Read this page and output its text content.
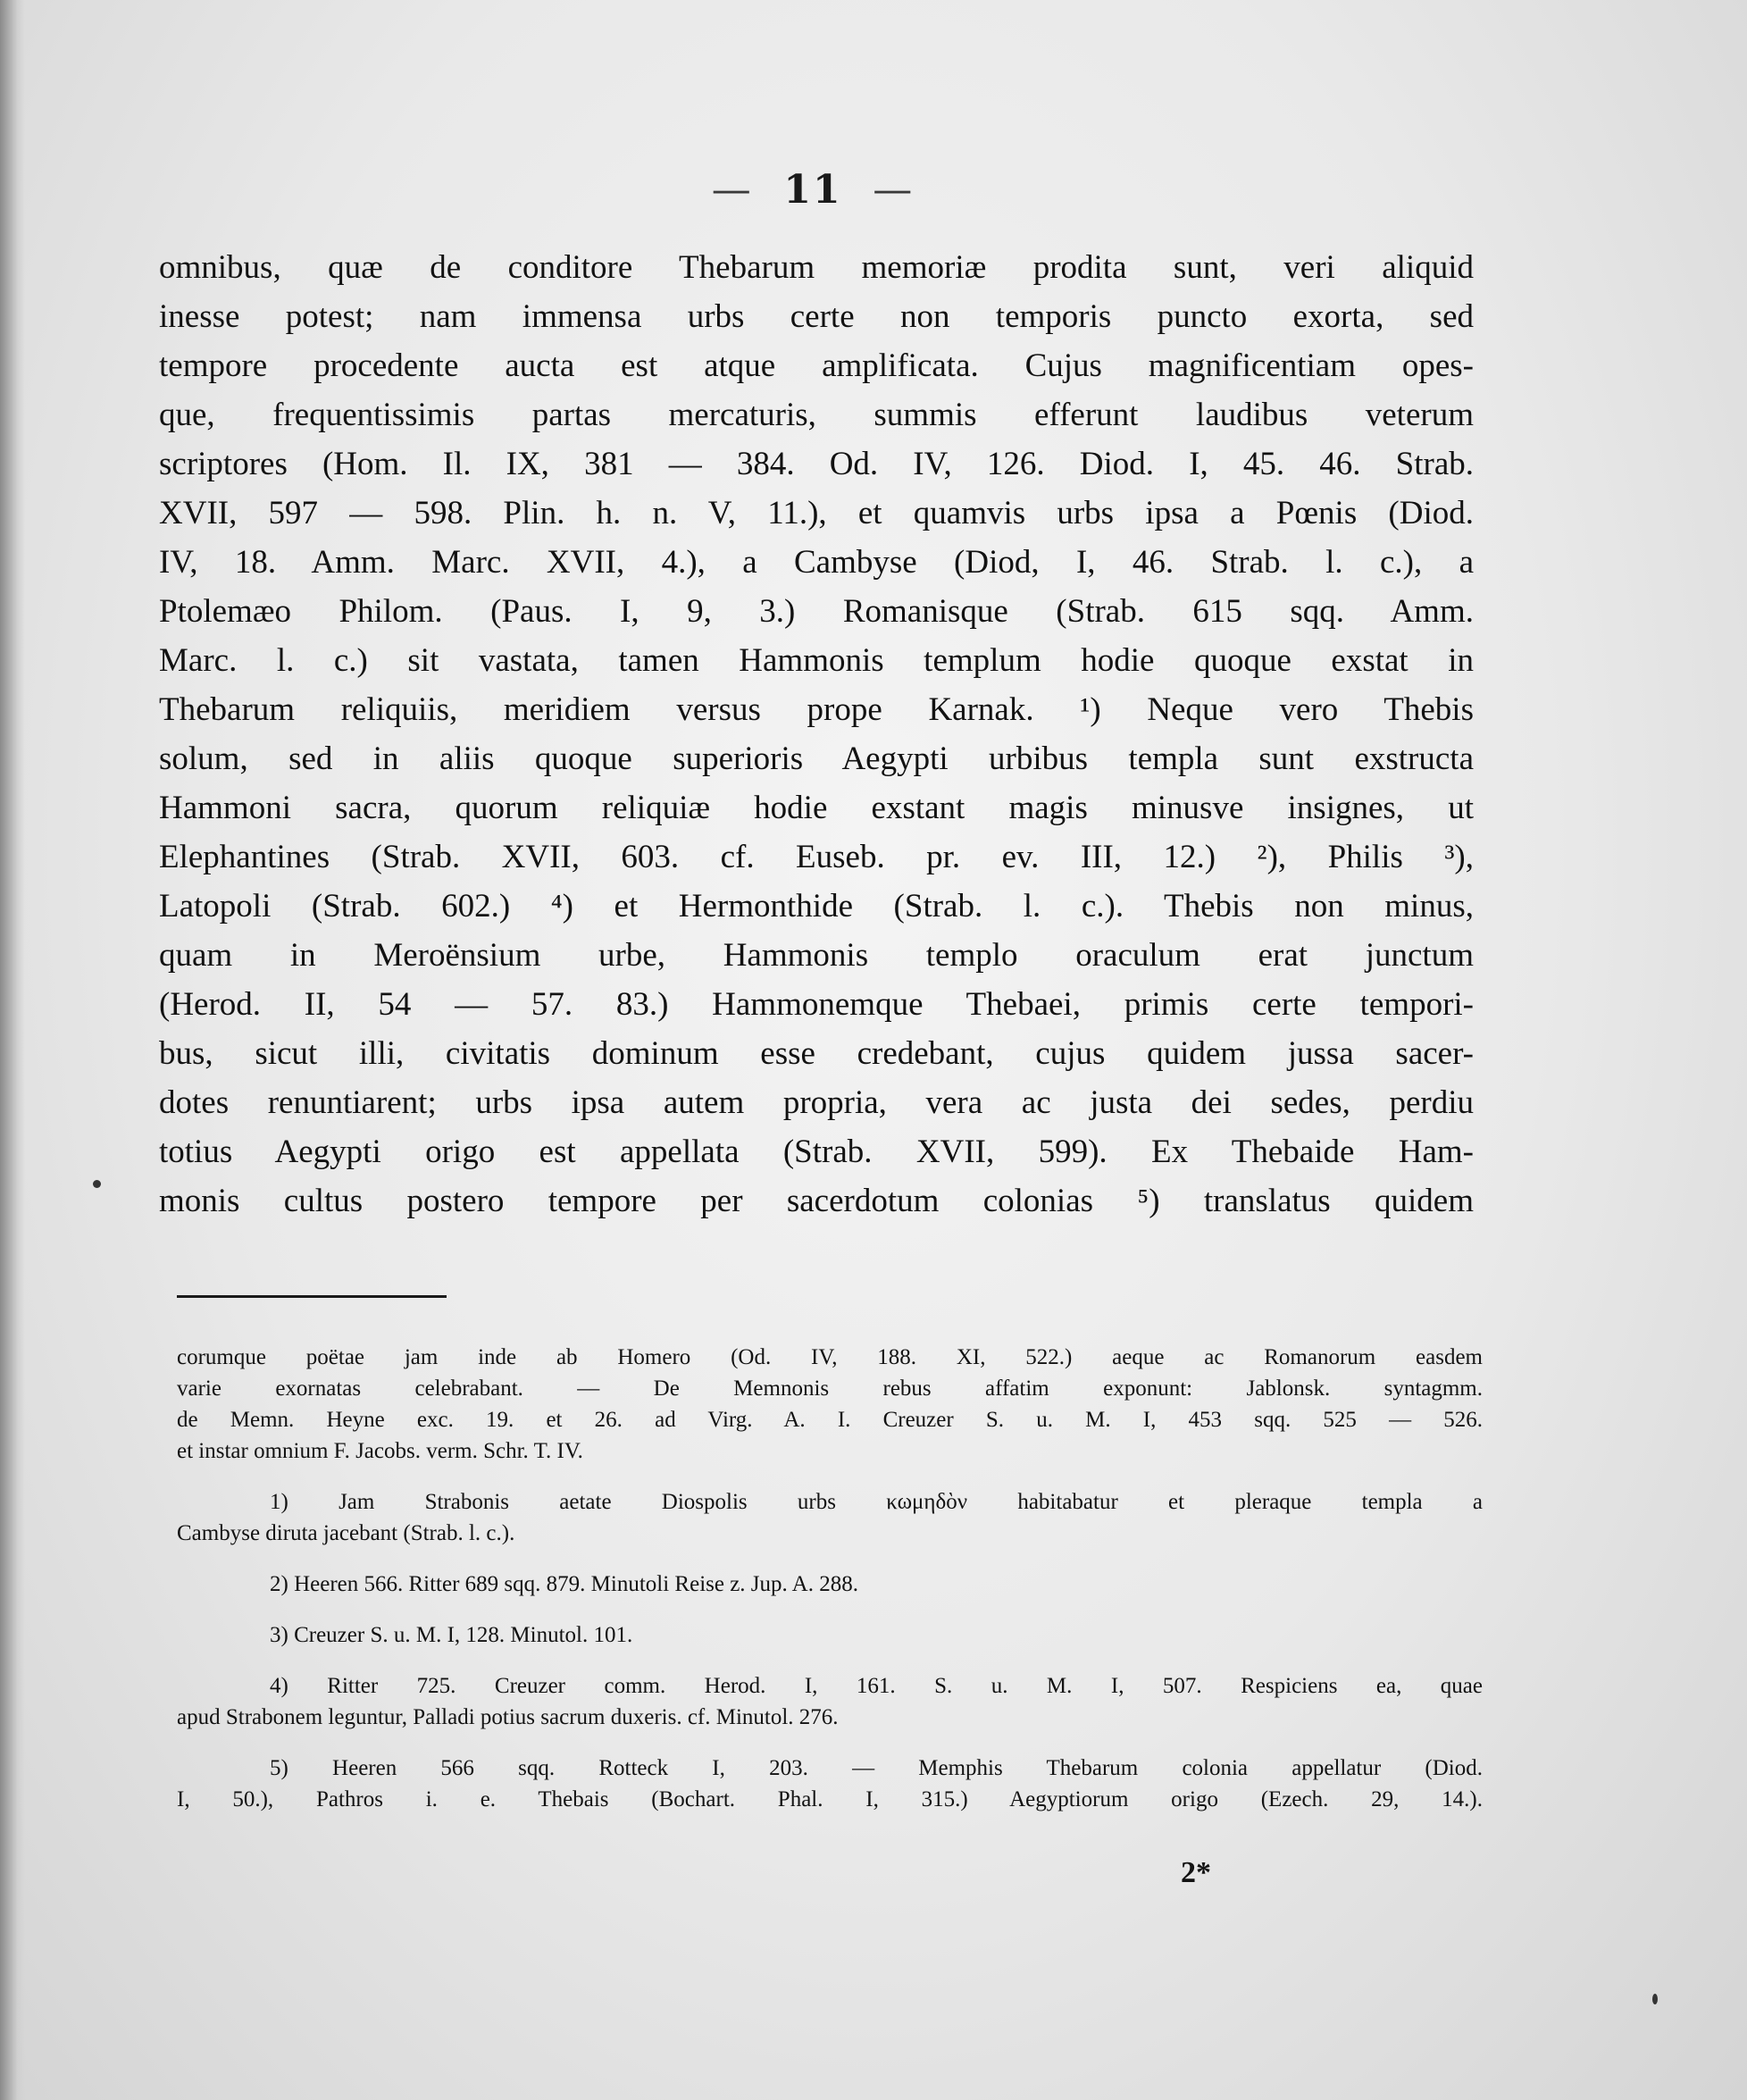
— 11 —
omnibus, quæ de conditore Thebarum memoriæ prodita sunt, veri aliquid
inesse potest; nam immensa urbs certe non temporis puncto exorta, sed
tempore procedente aucta est atque amplificata. Cujus magnificentiam opes-
que, frequentissimis partas mercaturis, summis efferunt laudibus veterum
scriptores (Hom. Il. IX, 381 — 384. Od. IV, 126. Diod. I, 45. 46. Strab.
XVII, 597 — 598. Plin. h. n. V, 11.), et quamvis urbs ipsa a Pœnis (Diod.
IV, 18. Amm. Marc. XVII, 4.), a Cambyse (Diod, I, 46. Strab. l. c.), a
Ptolemæo Philom. (Paus. I, 9, 3.) Romanisque (Strab. 615 sqq. Amm.
Marc. l. c.) sit vastata, tamen Hammonis templum hodie quoque exstat in
Thebarum reliquiis, meridiem versus prope Karnak. ¹) Neque vero Thebis
solum, sed in aliis quoque superioris Aegypti urbibus templa sunt exstructa
Hammoni sacra, quorum reliquiæ hodie exstant magis minusve insignes, ut
Elephantines (Strab. XVII, 603. cf. Euseb. pr. ev. III, 12.) ²), Philis ³),
Latopoli (Strab. 602.) ⁴) et Hermonthide (Strab. l. c.). Thebis non minus,
quam in Meroënsium urbe, Hammonis templo oraculum erat junctum
(Herod. II, 54 — 57. 83.) Hammonemque Thebaei, primis certe tempori-
bus, sicut illi, civitatis dominum esse credebant, cujus quidem jussa sacer-
dotes renuntiarent; urbs ipsa autem propria, vera ac justa dei sedes, perdiu
totius Aegypti origo est appellata (Strab. XVII, 599). Ex Thebaide Ham-
monis cultus postero tempore per sacerdotum colonias ⁵) translatus quidem
corumque poëtae jam inde ab Homero (Od. IV, 188. XI, 522.) aeque ac Romanorum easdem
varie exornatas celebrabant. — De Memnonis rebus affatim exponunt: Jablonsk. syntagmm.
de Memn. Heyne exc. 19. et 26. ad Virg. A. I. Creuzer S. u. M. I, 453 sqq. 525 — 526.
et instar omnium F. Jacobs. verm. Schr. T. IV.
1) Jam Strabonis aetate Diospolis urbs κωμηδὸν habitabatur et pleraque templa a
Cambyse diruta jacebant (Strab. l. c.).
2) Heeren 566. Ritter 689 sqq. 879. Minutoli Reise z. Jup. A. 288.
3) Creuzer S. u. M. I, 128. Minutol. 101.
4) Ritter 725. Creuzer comm. Herod. I, 161. S. u. M. I, 507. Respiciens ea, quae
apud Strabonem leguntur, Palladi potius sacrum duxeris. cf. Minutol. 276.
5) Heeren 566 sqq. Rotteck I, 203. — Memphis Thebarum colonia appellatur (Diod.
I, 50.), Pathros i. e. Thebais (Bochart. Phal. I, 315.) Aegyptiorum origo (Ezech. 29, 14.).
2*
